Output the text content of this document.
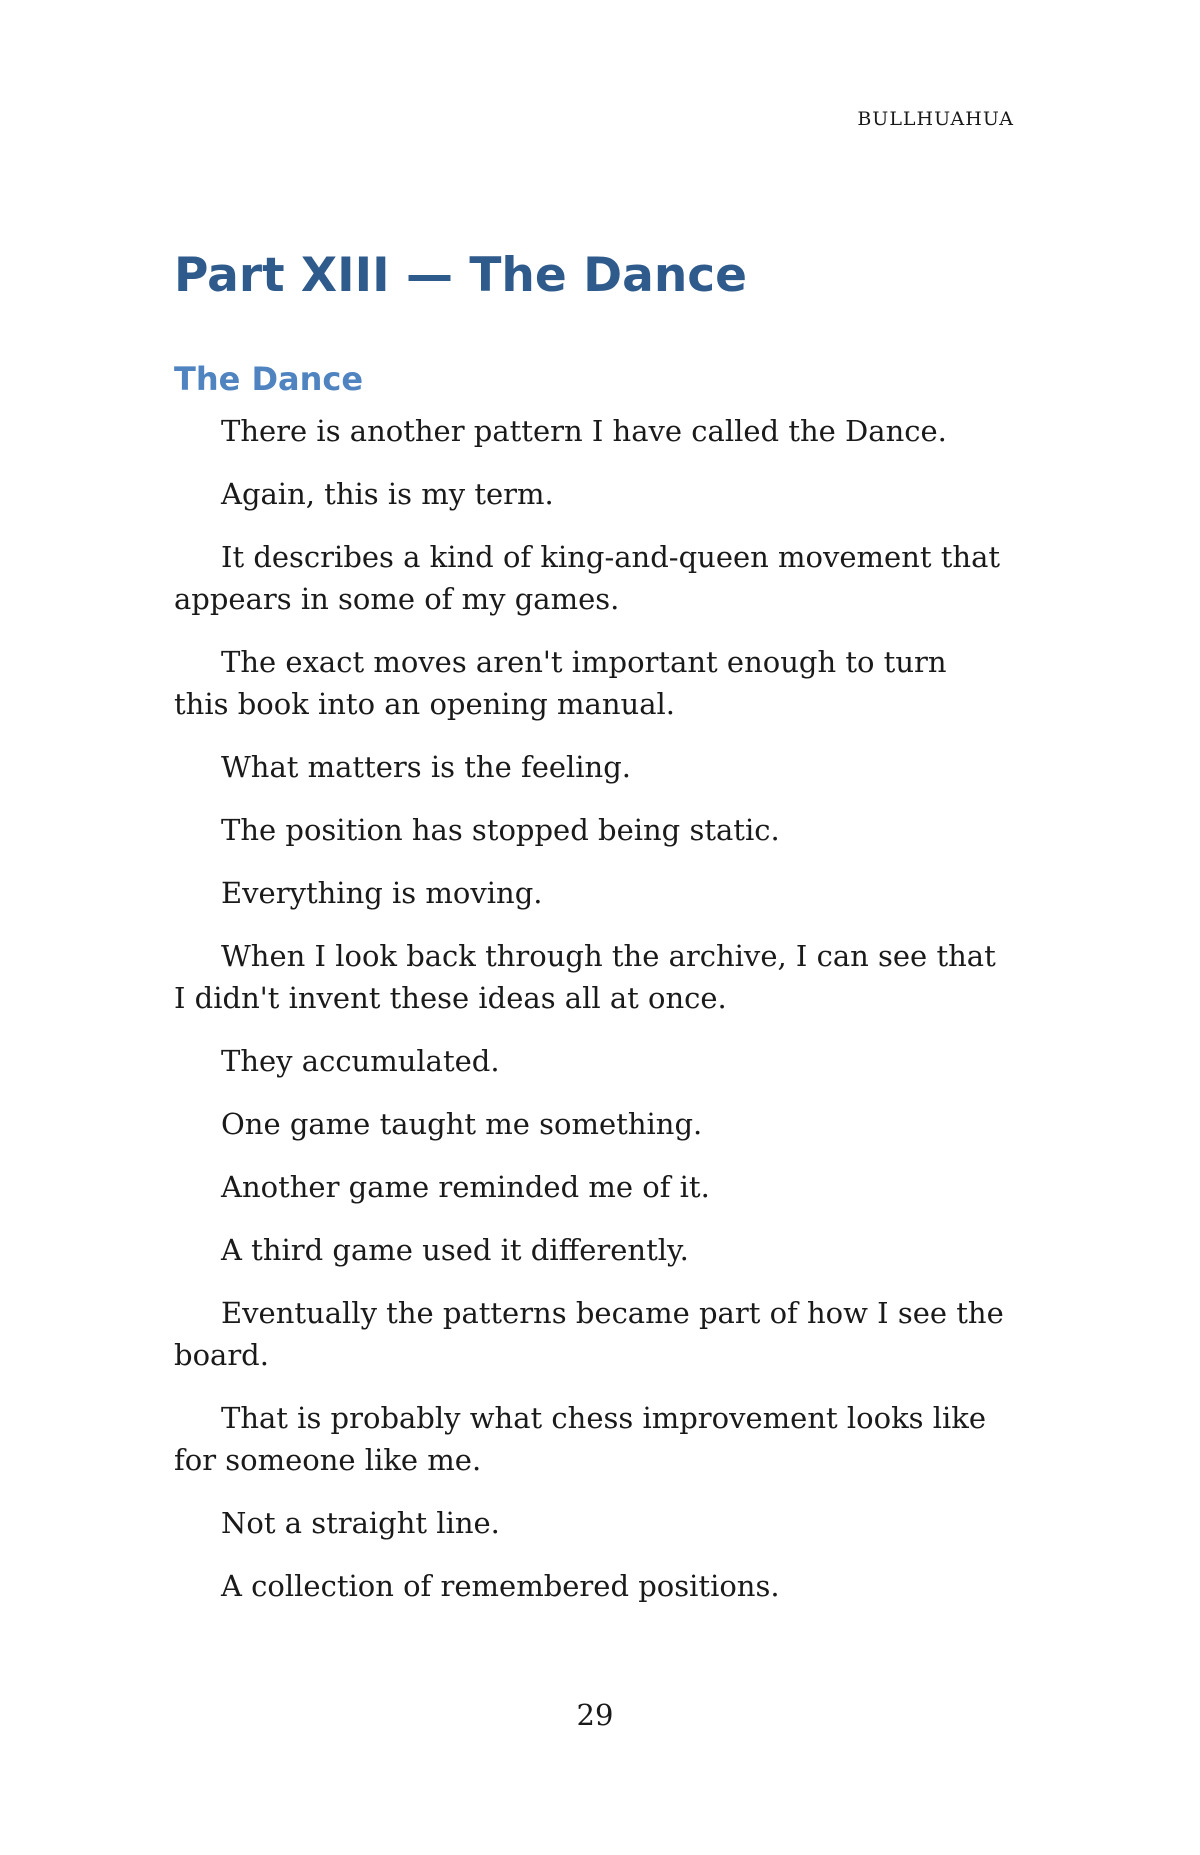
BULLHUAHUA
Part XIII — The Dance
The Dance

There is another pattern I have called the Dance.

Again, this is my term.

It describes a kind of king-and-queen movement that appears in some of my games.

The exact moves aren't important enough to turn this book into an opening manual.

What matters is the feeling.

The position has stopped being static.

Everything is moving.

When I look back through the archive, I can see that I didn't invent these ideas all at once.

They accumulated.

One game taught me something.

Another game reminded me of it.

A third game used it differently.

Eventually the patterns became part of how I see the board.

That is probably what chess improvement looks like for someone like me.

Not a straight line.

A collection of remembered positions.

29
